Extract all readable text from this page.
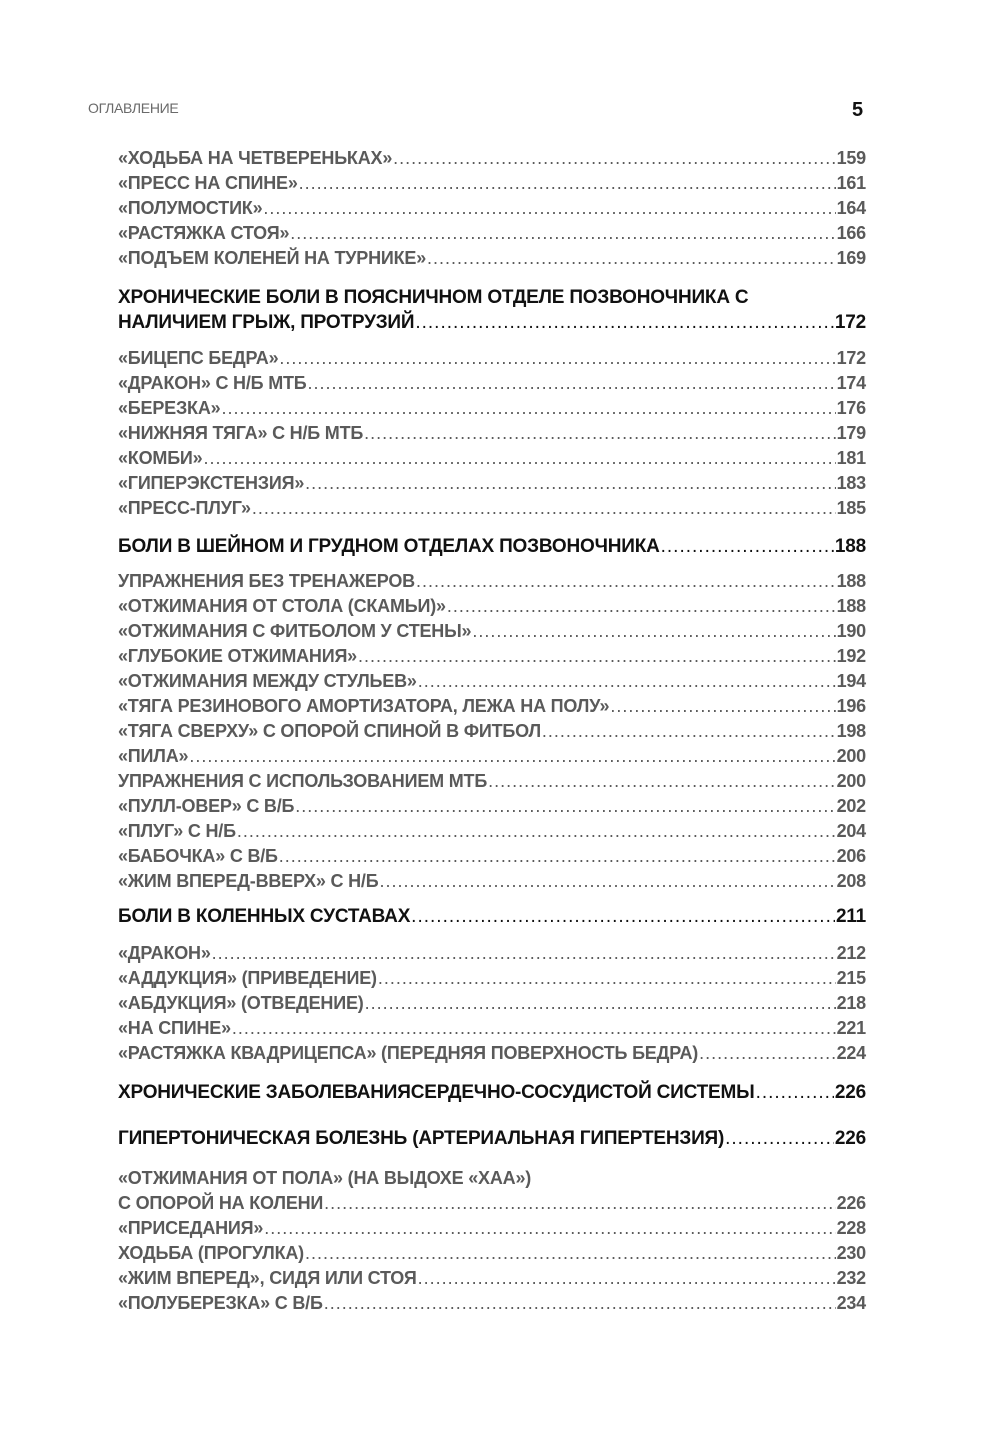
ОГЛАВЛЕНИЕ	5
«ХОДЬБА НА ЧЕТВЕРЕНЬКАХ» .....	159
«ПРЕСС НА СПИНЕ» .....	161
«ПОЛУМОСТИК» .....	164
«РАСТЯЖКА СТОЯ» .....	166
«ПОДЪЕМ КОЛЕНЕЙ НА ТУРНИКЕ» .....	169
ХРОНИЧЕСКИЕ БОЛИ В ПОЯСНИЧНОМ ОТДЕЛЕ ПОЗВОНОЧНИКА С
НАЛИЧИЕМ ГРЫЖ, ПРОТРУЗИЙ .....	172
«БИЦЕПС БЕДРА» .....	172
«ДРАКОН» С Н/Б МТБ .....	174
«БЕРЕЗКА» .....	176
«НИЖНЯЯ ТЯГА» С Н/Б МТБ .....	179
«КОМБИ» .....	181
«ГИПЕРЭКСТЕНЗИЯ» .....	183
«ПРЕСС-ПЛУГ» .....	185
БОЛИ В ШЕЙНОМ И ГРУДНОМ ОТДЕЛАХ ПОЗВОНОЧНИКА .....	188
УПРАЖНЕНИЯ БЕЗ ТРЕНАЖЕРОВ .....	188
«ОТЖИМАНИЯ ОТ СТОЛА (СКАМЬИ)» .....	188
«ОТЖИМАНИЯ С ФИТБОЛОМ У СТЕНЫ» .....	190
«ГЛУБОКИЕ ОТЖИМАНИЯ» .....	192
«ОТЖИМАНИЯ МЕЖДУ СТУЛЬЕВ» .....	194
«ТЯГА РЕЗИНОВОГО АМОРТИЗАТОРА, ЛЕЖА НА ПОЛУ» .....	196
«ТЯГА СВЕРХУ» С ОПОРОЙ СПИНОЙ В ФИТБОЛ .....	198
«ПИЛА» .....	200
УПРАЖНЕНИЯ С ИСПОЛЬЗОВАНИЕМ МТБ .....	200
«ПУЛЛ-ОВЕР» С В/Б .....	202
«ПЛУГ» С Н/Б .....	204
«БАБОЧКА» С В/Б .....	206
«ЖИМ ВПЕРЕД-ВВЕРХ» С Н/Б .....	208
БОЛИ В КОЛЕННЫХ СУСТАВАХ .....	211
«ДРАКОН» .....	212
«АДДУКЦИЯ» (ПРИВЕДЕНИЕ) .....	215
«АБДУКЦИЯ» (ОТВЕДЕНИЕ) .....	218
«НА СПИНЕ» .....	221
«РАСТЯЖКА КВАДРИЦЕПСА» (ПЕРЕДНЯЯ ПОВЕРХНОСТЬ БЕДРА) .....	224
ХРОНИЧЕСКИЕ ЗАБОЛЕВАНИЯСЕРДЕЧНО-СОСУДИСТОЙ СИСТЕМЫ .....	226
ГИПЕРТОНИЧЕСКАЯ БОЛЕЗНЬ (АРТЕРИАЛЬНАЯ ГИПЕРТЕНЗИЯ) .....	226
«ОТЖИМАНИЯ ОТ ПОЛА» (НА ВЫДОХЕ «ХАА»)
С ОПОРОЙ НА КОЛЕНИ .....	226
«ПРИСЕДАНИЯ» .....	228
ХОДЬБА (ПРОГУЛКА) .....	230
«ЖИМ ВПЕРЕД», СИДЯ ИЛИ СТОЯ .....	232
«ПОЛУБЕРЕЗКА» С В/Б .....	234
